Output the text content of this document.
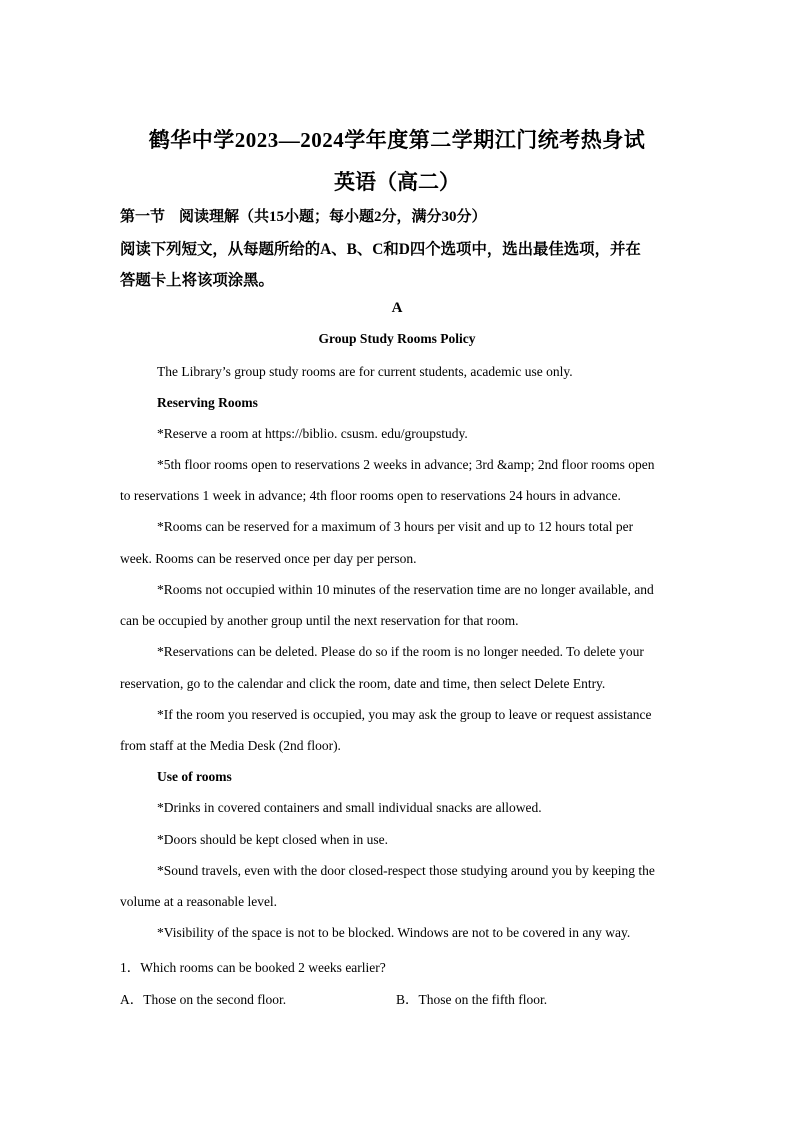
鹤华中学2023—2024学年度第二学期江门统考热身试
英语（高二）
第一节 阅读理解（共15小题；每小题2分，满分30分）
阅读下列短文，从每题所给的A、B、C和D四个选项中，选出最佳选项，并在
答题卡上将该项涂黑。
A
Group Study Rooms Policy
The Library’s group study rooms are for current students, academic use only.
Reserving Rooms
*Reserve a room at https://biblio. csusm. edu/groupstudy.
*5th floor rooms open to reservations 2 weeks in advance; 3rd &amp; 2nd floor rooms open
to reservations 1 week in advance; 4th floor rooms open to reservations 24 hours in advance.
*Rooms can be reserved for a maximum of 3 hours per visit and up to 12 hours total per
week. Rooms can be reserved once per day per person.
*Rooms not occupied within 10 minutes of the reservation time are no longer available, and
can be occupied by another group until the next reservation for that room.
*Reservations can be deleted. Please do so if the room is no longer needed. To delete your
reservation, go to the calendar and click the room, date and time, then select Delete Entry.
*If the room you reserved is occupied, you may ask the group to leave or request assistance
from staff at the Media Desk (2nd floor).
Use of rooms
*Drinks in covered containers and small individual snacks are allowed.
*Doors should be kept closed when in use.
*Sound travels, even with the door closed-respect those studying around you by keeping the
volume at a reasonable level.
*Visibility of the space is not to be blocked. Windows are not to be covered in any way.
1．Which rooms can be booked 2 weeks earlier?
A．Those on the second floor.	B．Those on the fifth floor.
